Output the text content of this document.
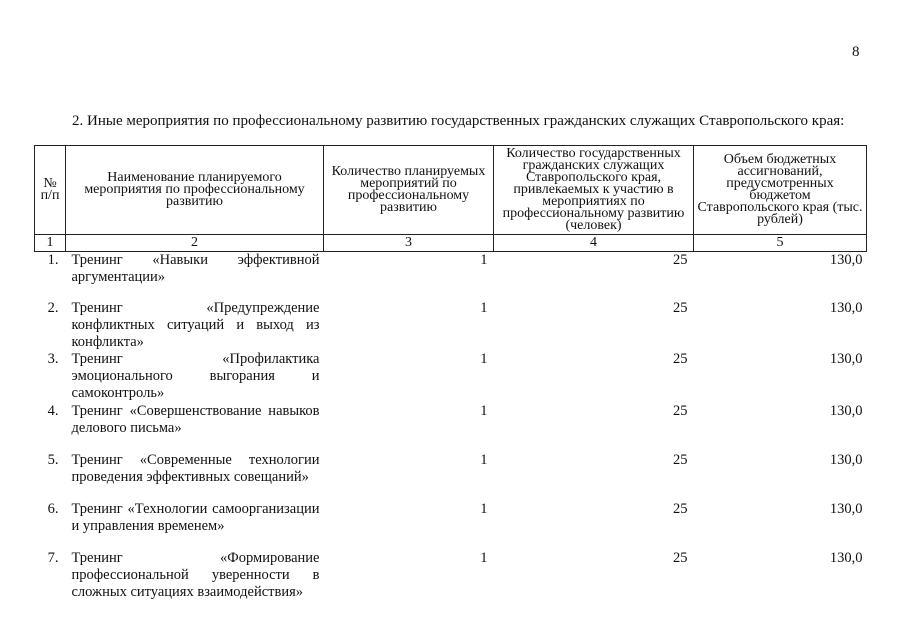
8
2. Иные мероприятия по профессиональному развитию государственных гражданских служащих Ставропольского края:
№ п/п	Наименование планируемого мероприятия по профессиональному развитию	Количество планируемых мероприятий по профессиональному развитию	Количество государственных гражданских служащих Ставропольского края, привлекаемых к участию в мероприятиях по профессиональному развитию (человек)	Объем бюджетных ассигнований, предусмотренных бюджетом Ставропольского края (тыс. рублей)
1	2	3	4	5
1.	Тренинг «Навыки эффективной аргументации»	1	25	130,0
2.	Тренинг «Предупреждение конфликтных ситуаций и выход из конфликта»	1	25	130,0
3.	Тренинг «Профилактика эмоционального выгорания и самоконтроль»	1	25	130,0
4.	Тренинг «Совершенствование навыков делового письма»	1	25	130,0
5.	Тренинг «Современные технологии проведения эффективных совещаний»	1	25	130,0
6.	Тренинг «Технологии самоорганизации и управления временем»	1	25	130,0
7.	Тренинг «Формирование профессиональной уверенности в сложных ситуациях взаимодействия»	1	25	130,0
